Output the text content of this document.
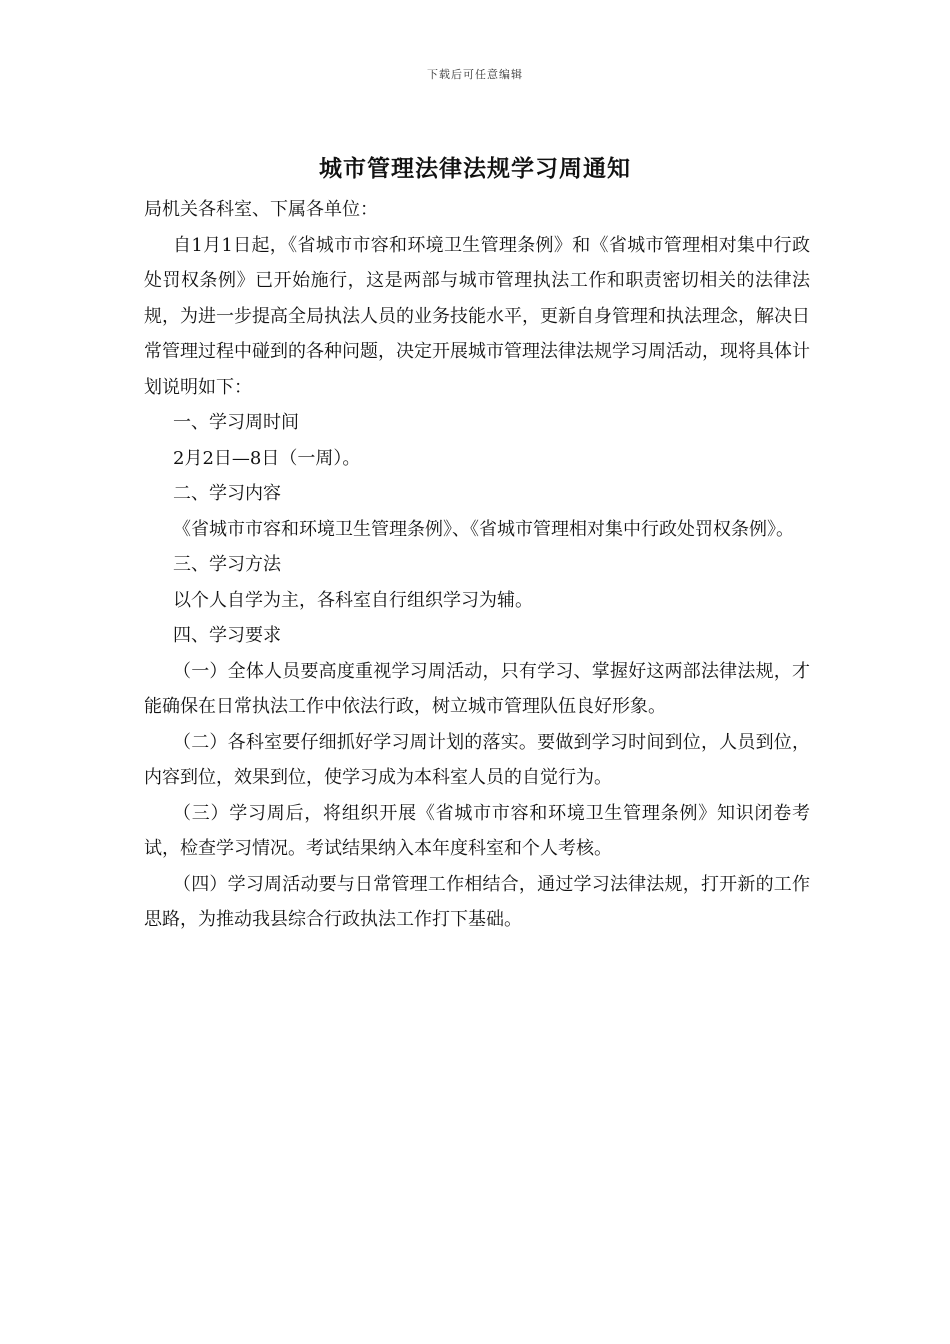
下载后可任意编辑
城市管理法律法规学习周通知

局机关各科室、下属各单位：

自1月1日起，《省城市市容和环境卫生管理条例》和《省城市管理相对集中行政处罚权条例》已开始施行，这是两部与城市管理执法工作和职责密切相关的法律法规，为进一步提高全局执法人员的业务技能水平，更新自身管理和执法理念，解决日常管理过程中碰到的各种问题，决定开展城市管理法律法规学习周活动，现将具体计划说明如下：

一、学习周时间

2月2日—8日（一周）。

二、学习内容

《省城市市容和环境卫生管理条例》、《省城市管理相对集中行政处罚权条例》。

三、学习方法

以个人自学为主，各科室自行组织学习为辅。

四、学习要求

（一）全体人员要高度重视学习周活动，只有学习、掌握好这两部法律法规，才能确保在日常执法工作中依法行政，树立城市管理队伍良好形象。

（二）各科室要仔细抓好学习周计划的落实。要做到学习时间到位，人员到位，内容到位，效果到位，使学习成为本科室人员的自觉行为。

（三）学习周后，将组织开展《省城市市容和环境卫生管理条例》知识闭卷考试，检查学习情况。考试结果纳入本年度科室和个人考核。

（四）学习周活动要与日常管理工作相结合，通过学习法律法规，打开新的工作思路，为推动我县综合行政执法工作打下基础。
